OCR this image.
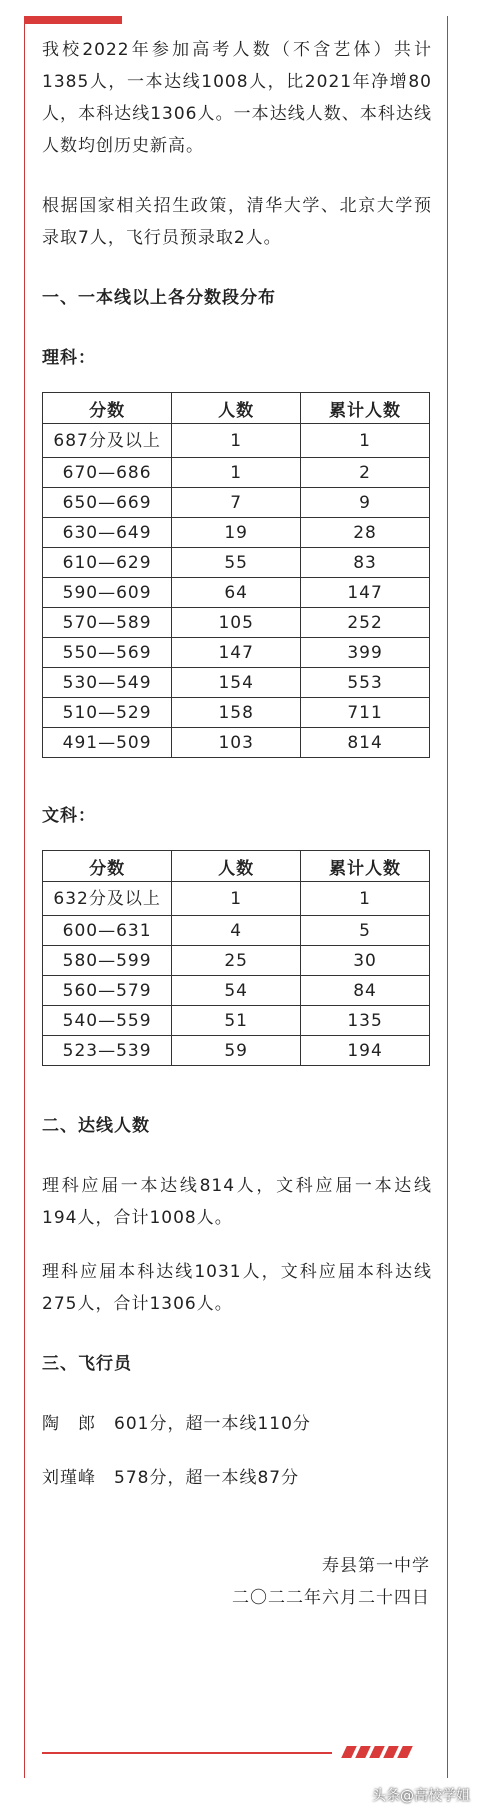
我校2022年参加高考人数（不含艺体）共计1385人，一本达线1008人，比2021年净增80人，本科达线1306人。一本达线人数、本科达线人数均创历史新高。

根据国家相关招生政策，清华大学、北京大学预录取7人，飞行员预录取2人。

一、一本线以上各分数段分布
理科：
分数	人数	累计人数
687分及以上	1	1
670—686	1	2
650—669	7	9
630—649	19	28
610—629	55	83
590—609	64	147
570—589	105	252
550—569	147	399
530—549	154	553
510—529	158	711
491—509	103	814
文科：
分数	人数	累计人数
632分及以上	1	1
600—631	4	5
580—599	25	30
560—579	54	84
540—559	51	135
523—539	59	194
二、达线人数

理科应届一本达线814人，文科应届一本达线194人，合计1008人。

理科应届本科达线1031人，文科应届本科达线275人，合计1306人。

三、飞行员

陶　郎　601分，超一本线110分

刘瑾峰　578分，超一本线87分

寿县第一中学
二〇二二年六月二十四日
头条@高校学姐
